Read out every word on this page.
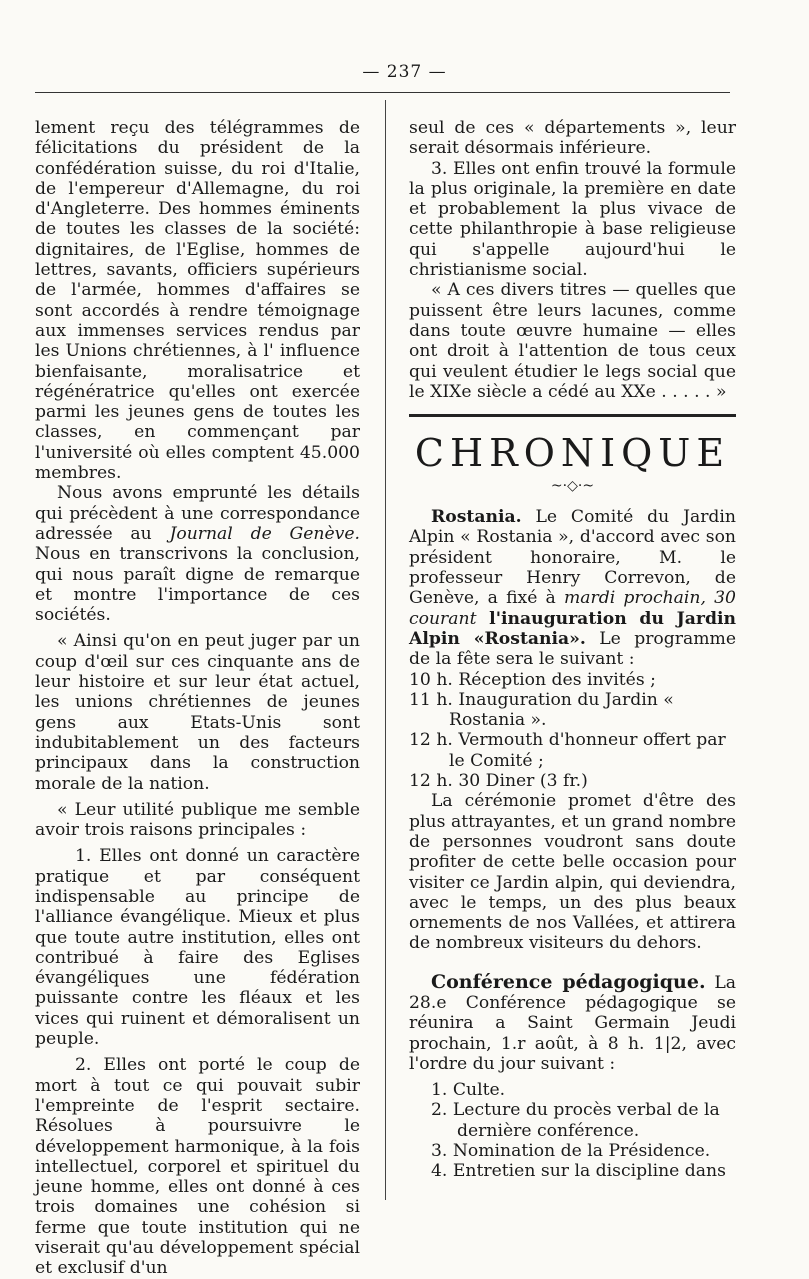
— 237 —

lement reçu des télégrammes de félicitations du président de la confédération suisse, du roi d'Italie, de l'empereur d'Allemagne, du roi d'Angleterre. Des hommes éminents de toutes les classes de la société: dignitaires, de l'Eglise, hommes de lettres, savants, officiers supérieurs de l'armée, hommes d'affaires se sont accordés à rendre témoignage aux immenses services rendus par les Unions chrétiennes, à l' influence bienfaisante, moralisatrice et régénératrice qu'elles ont exercée parmi les jeunes gens de toutes les classes, en commençant par l'université où elles comptent 45.000 membres.

Nous avons emprunté les détails qui précèdent à une correspondance adressée au Journal de Genève. Nous en transcrivons la conclusion, qui nous paraît digne de remarque et montre l'importance de ces sociétés.

« Ainsi qu'on en peut juger par un coup d'œil sur ces cinquante ans de leur histoire et sur leur état actuel, les unions chrétiennes de jeunes gens aux Etats-Unis sont indubitablement un des facteurs principaux dans la construction morale de la nation.

« Leur utilité publique me semble avoir trois raisons principales :

1. Elles ont donné un caractère pratique et par conséquent indispensable au principe de l'alliance évangélique. Mieux et plus que toute autre institution, elles ont contribué à faire des Eglises évangéliques une fédération puissante contre les fléaux et les vices qui ruinent et démoralisent un peuple.

2. Elles ont porté le coup de mort à tout ce qui pouvait subir l'empreinte de l'esprit sectaire. Résolues à poursuivre le développement harmonique, à la fois intellectuel, corporel et spirituel du jeune homme, elles ont donné à ces trois domaines une cohésion si ferme que toute institution qui ne viserait qu'au développement spécial et exclusif d'un

seul de ces « départements », leur serait désormais inférieure.

3. Elles ont enfin trouvé la formule la plus originale, la première en date et probablement la plus vivace de cette philanthropie à base religieuse qui s'appelle aujourd'hui le christianisme social.

« A ces divers titres — quelles que puissent être leurs lacunes, comme dans toute œuvre humaine — elles ont droit à l'attention de tous ceux qui veulent étudier le legs social que le XIXe siècle a cédé au XXe . . . . . »

CHRONIQUE
~·◇·~

Rostania. Le Comité du Jardin Alpin « Rostania », d'accord avec son président honoraire, M. le professeur Henry Correvon, de Genève, a fixé à mardi prochain, 30 courant l'inauguration du Jardin Alpin «Rostania». Le programme de la fête sera le suivant :

10 h. Réception des invités ;

11 h. Inauguration du Jardin « Rostania ».

12 h. Vermouth d'honneur offert par le Comité ;

12 h. 30 Diner (3 fr.)

La cérémonie promet d'être des plus attrayantes, et un grand nombre de personnes voudront sans doute profiter de cette belle occasion pour visiter ce Jardin alpin, qui deviendra, avec le temps, un des plus beaux ornements de nos Vallées, et attirera de nombreux visiteurs du dehors.

Conférence pédagogique. La 28.e Conférence pédagogique se réunira a Saint Germain Jeudi prochain, 1.r août, à 8 h. 1|2, avec l'ordre du jour suivant :

1. Culte.

2. Lecture du procès verbal de la dernière conférence.

3. Nomination de la Présidence.

4. Entretien sur la discipline dans
